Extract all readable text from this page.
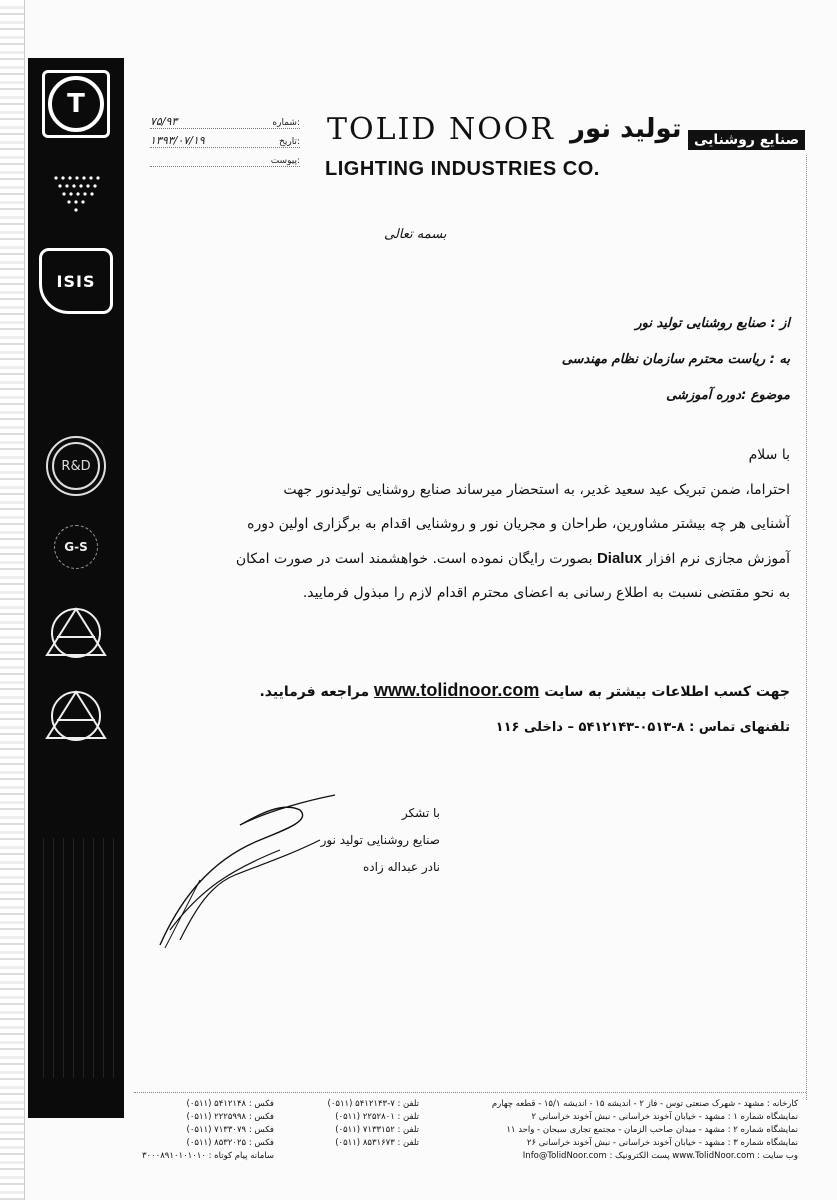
T
ISIS
R&D
G-S
۷۵/۹۳	شماره:
۱۳۹۳/۰۷/۱۹	تاریخ:
پیوست:
TOLID NOOR تولید نور صنایع روشنایی
LIGHTING INDUSTRIES CO.
بسمه تعالی
از : صنایع روشنایی تولید نور
به : ریاست محترم سازمان نظام مهندسی
موضوع :دوره آموزشی

با سلام

احتراما، ضمن تبریک عید سعید غدیر، به استحضار میرساند صنایع روشنایی تولیدنور جهت

آشنایی هر چه بیشتر مشاورین، طراحان و مجریان نور و روشنایی اقدام به برگزاری اولین دوره

آموزش مجازی نرم افزار Dialux بصورت رایگان نموده است. خواهشمند است در صورت امکان

به نحو مقتضی نسبت به اطلاع رسانی به اعضای محترم اقدام لازم را مبذول فرمایید.

جهت کسب اطلاعات بیشتر به سایت www.tolidnoor.com مراجعه فرمایید.
تلفنهای تماس : ۸-۰۵۱۳-۵۴۱۲۱۴۳ – داخلی ۱۱۶
با تشکر
صنایع روشنایی تولید نور
نادر عبداله زاده
کارخانه : مشهد - شهرک صنعتی توس - فاز ۲ - اندیشه ۱۵ - اندیشه ۱۵/۱ - قطعه چهارم
نمایشگاه شماره ۱ : مشهد - خیابان آخوند خراسانی - نبش آخوند خراسانی ۲
نمایشگاه شماره ۲ : مشهد - میدان صاحب الزمان - مجتمع تجاری سبحان - واحد ۱۱
نمایشگاه شماره ۳ : مشهد - خیابان آخوند خراسانی - نبش آخوند خراسانی ۲۶
وب سایت : www.TolidNoor.com پست الکترونیک : Info@TolidNoor.com
تلفن : ۷-۵۴۱۲۱۴۳ (۰۵۱۱)
تلفن : ۲۲۵۲۸۰۱ (۰۵۱۱)
تلفن : ۷۱۳۳۱۵۲ (۰۵۱۱)
تلفن : ۸۵۳۱۶۷۳ (۰۵۱۱)
فکس : ۵۴۱۲۱۴۸ (۰۵۱۱)
فکس : ۲۲۲۵۹۹۸ (۰۵۱۱)
فکس : ۷۱۳۳۰۷۹ (۰۵۱۱)
فکس : ۸۵۳۲۰۲۵ (۰۵۱۱)
سامانه پیام کوتاه : ۳۰۰۰۸۹۱۰۱۰۱۰۱۰
